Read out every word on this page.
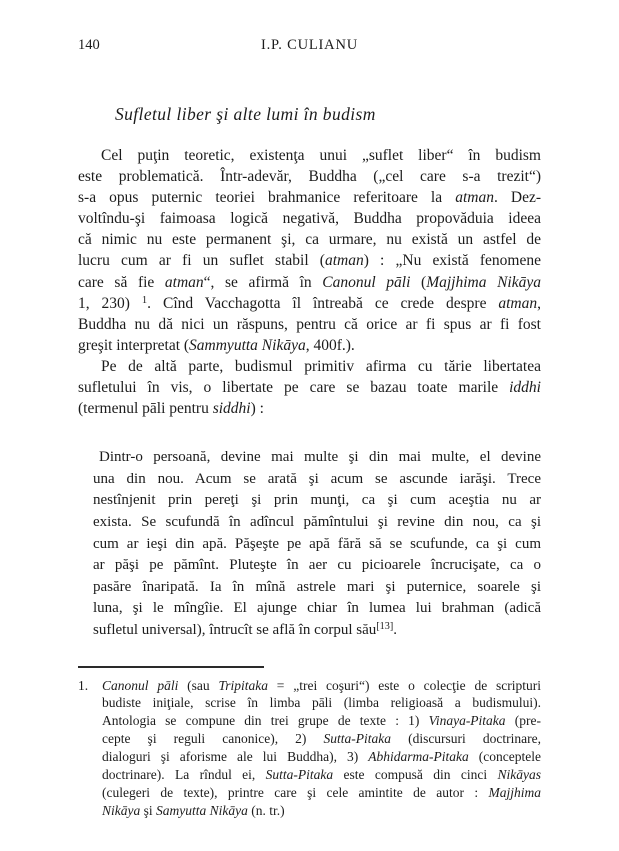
140	I.P. CULIANU
Sufletul liber şi alte lumi în budism
Cel puţin teoretic, existenţa unui „suflet liber“ în budism
este problematică. Într-adevăr, Buddha („cel care s-a trezit“)
s-a opus puternic teoriei brahmanice referitoare la atman. Dez-
voltîndu-şi faimoasa logică negativă, Buddha propovăduia ideea
că nimic nu este permanent şi, ca urmare, nu există un astfel de
lucru cum ar fi un suflet stabil (atman) : „Nu există fenomene
care să fie atman“, se afirmă în Canonul pāli (Majjhima Nikāya
1, 230) $^1$. Cînd Vacchagotta îl întreabă ce crede despre atman,
Buddha nu dă nici un răspuns, pentru că orice ar fi spus ar fi fost
greşit interpretat (Sammyutta Nikāya, 400f.).
Pe de altă parte, budismul primitiv afirma cu tărie libertatea
sufletului în vis, o libertate pe care se bazau toate marile iddhi
(termenul pāli pentru siddhi) :
Dintr-o persoană, devine mai multe şi din mai multe, el devine
una din nou. Acum se arată şi acum se ascunde iarăşi. Trece
nestînjenit prin pereţi şi prin munţi, ca şi cum aceştia nu ar
exista. Se scufundă în adîncul pămîntului şi revine din nou, ca şi
cum ar ieşi din apă. Păşeşte pe apă fără să se scufunde, ca şi cum
ar păşi pe pămînt. Pluteşte în aer cu picioarele încrucişate, ca o
pasăre înaripată. Ia în mînă astrele mari şi puternice, soarele şi
luna, şi le mîngîie. El ajunge chiar în lumea lui brahman (adică
sufletul universal), întrucît se află în corpul său[13].
1. Canonul pāli (sau Tripitaka = „trei coşuri“) este o colecţie de scripturi
budiste iniţiale, scrise în limba pāli (limba religioasă a budismului).
Antologia se compune din trei grupe de texte : 1) Vinaya-Pitaka (pre-
cepte şi reguli canonice), 2) Sutta-Pitaka (discursuri doctrinare,
dialoguri şi aforisme ale lui Buddha), 3) Abhidarma-Pitaka (conceptele
doctrinare). La rîndul ei, Sutta-Pitaka este compusă din cinci Nikāyas
(culegeri de texte), printre care şi cele amintite de autor : Majjhima
Nikāya şi Samyutta Nikāya (n. tr.)
